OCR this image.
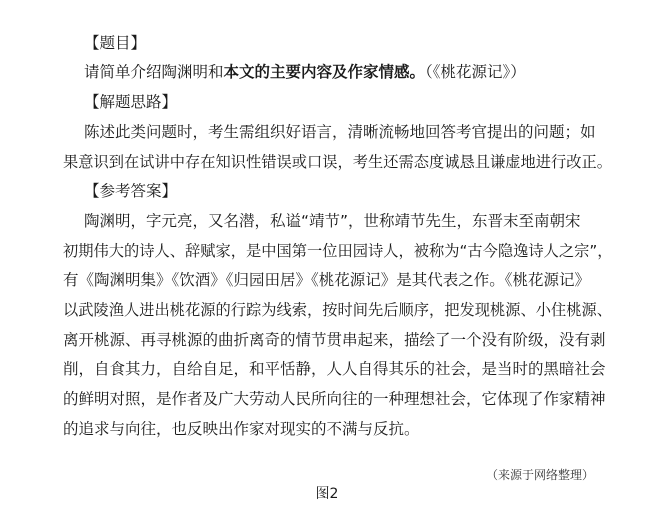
【题目】
请简单介绍陶渊明和本文的主要内容及作家情感。（《桃花源记》）
【解题思路】
陈述此类问题时，考生需组织好语言，清晰流畅地回答考官提出的问题；如
果意识到在试讲中存在知识性错误或口误，考生还需态度诚恳且谦虚地进行改正。
【参考答案】
陶渊明，字元亮，又名潜，私谥“靖节”，世称靖节先生，东晋末至南朝宋
初期伟大的诗人、辞赋家，是中国第一位田园诗人，被称为“古今隐逸诗人之宗”，
有《陶渊明集》《饮酒》《归园田居》《桃花源记》是其代表之作。《桃花源记》
以武陵渔人进出桃花源的行踪为线索，按时间先后顺序，把发现桃源、小住桃源、
离开桃源、再寻桃源的曲折离奇的情节贯串起来，描绘了一个没有阶级，没有剥
削，自食其力，自给自足，和平恬静，人人自得其乐的社会，是当时的黑暗社会
的鲜明对照，是作者及广大劳动人民所向往的一种理想社会，它体现了作家精神
的追求与向往，也反映出作家对现实的不满与反抗。
（来源于网络整理）
图2
